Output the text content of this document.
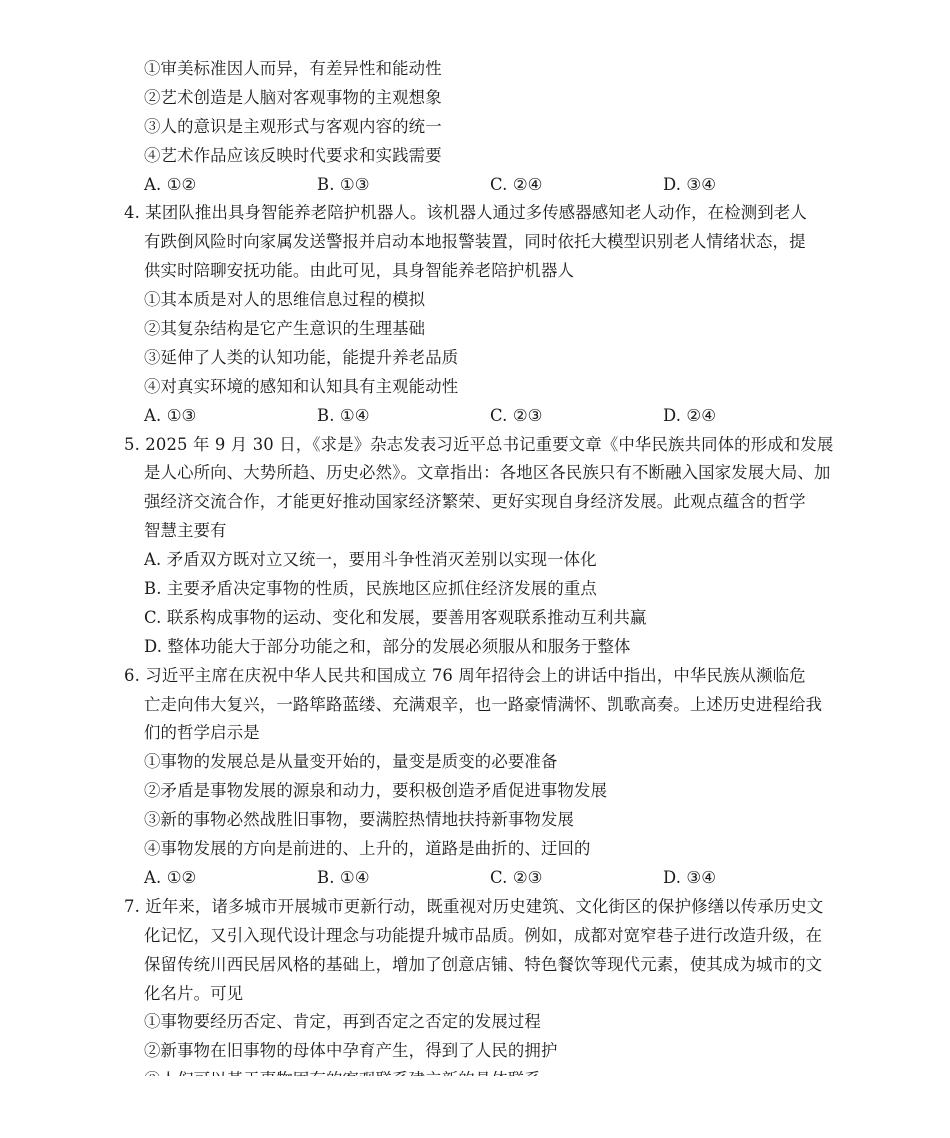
①审美标准因人而异，有差异性和能动性
②艺术创造是人脑对客观事物的主观想象
③人的意识是主观形式与客观内容的统一
④艺术作品应该反映时代要求和实践需要
A. ①②	B. ①③	C. ②④	D. ③④
4. 某团队推出具身智能养老陪护机器人。该机器人通过多传感器感知老人动作，在检测到老人
有跌倒风险时向家属发送警报并启动本地报警装置，同时依托大模型识别老人情绪状态，提
供实时陪聊安抚功能。由此可见，具身智能养老陪护机器人
①其本质是对人的思维信息过程的模拟
②其复杂结构是它产生意识的生理基础
③延伸了人类的认知功能，能提升养老品质
④对真实环境的感知和认知具有主观能动性
A. ①③	B. ①④	C. ②③	D. ②④
5. 2025 年 9 月 30 日，《求是》杂志发表习近平总书记重要文章《中华民族共同体的形成和发展
是人心所向、大势所趋、历史必然》。文章指出：各地区各民族只有不断融入国家发展大局、加
强经济交流合作，才能更好推动国家经济繁荣、更好实现自身经济发展。此观点蕴含的哲学
智慧主要有
A. 矛盾双方既对立又统一，要用斗争性消灭差别以实现一体化
B. 主要矛盾决定事物的性质，民族地区应抓住经济发展的重点
C. 联系构成事物的运动、变化和发展，要善用客观联系推动互利共赢
D. 整体功能大于部分功能之和，部分的发展必须服从和服务于整体
6. 习近平主席在庆祝中华人民共和国成立 76 周年招待会上的讲话中指出，中华民族从濒临危
亡走向伟大复兴，一路筚路蓝缕、充满艰辛，也一路豪情满怀、凯歌高奏。上述历史进程给我
们的哲学启示是
①事物的发展总是从量变开始的，量变是质变的必要准备
②矛盾是事物发展的源泉和动力，要积极创造矛盾促进事物发展
③新的事物必然战胜旧事物，要满腔热情地扶持新事物发展
④事物发展的方向是前进的、上升的，道路是曲折的、迂回的
A. ①②	B. ①④	C. ②③	D. ③④
7. 近年来，诸多城市开展城市更新行动，既重视对历史建筑、文化街区的保护修缮以传承历史文
化记忆，又引入现代设计理念与功能提升城市品质。例如，成都对宽窄巷子进行改造升级，在
保留传统川西民居风格的基础上，增加了创意店铺、特色餐饮等现代元素，使其成为城市的文
化名片。可见
①事物要经历否定、肯定，再到否定之否定的发展过程
②新事物在旧事物的母体中孕育产生，得到了人民的拥护
